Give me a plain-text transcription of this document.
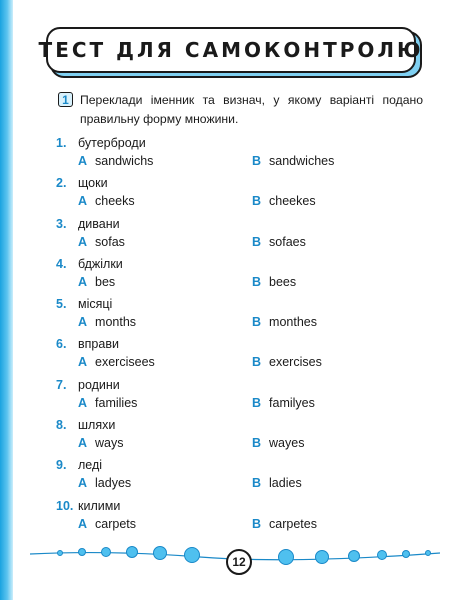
ТЕСТ ДЛЯ САМОКОНТРОЛЮ
1 Переклади іменник та визнач, у якому варіанті подано правильну форму множини.
1. бутерброди
A sandwichs	B sandwiches
2. щоки
A cheeks	B cheekes
3. дивани
A sofas	B sofaes
4. бджілки
A bes	B bees
5. місяці
A months	B monthes
6. вправи
A exercisees	B exercises
7. родини
A families	B familyes
8. шляхи
A ways	B wayes
9. леді
A ladyes	B ladies
10. килими
A carpets	B carpetes
12
